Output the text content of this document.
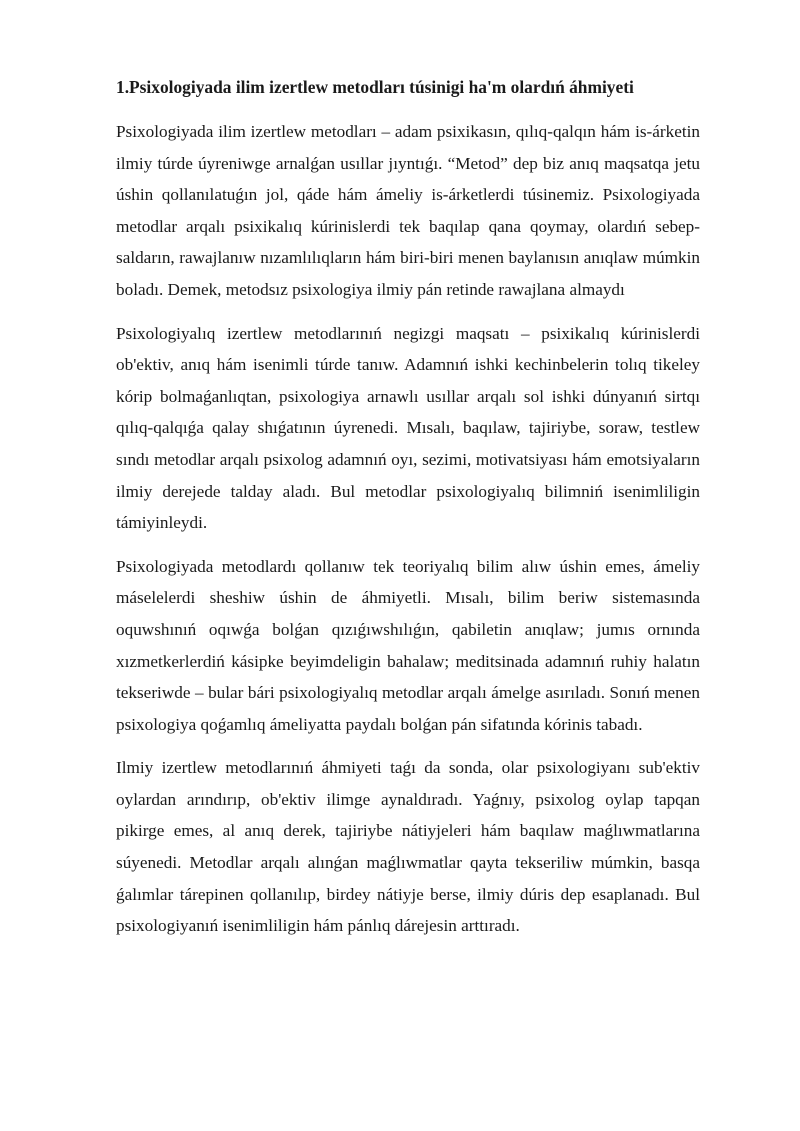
1.Psixologiyada ilim izertlew metodları túsinigi ha'm olardıń áhmiyeti

Psixologiyada ilim izertlew metodları – adam psixikasın, qılıq-qalqın hám is-árketin ilmiy túrde úyreniwge arnalǵan usıllar jıyntıǵı. “Metod” dep biz anıq maqsatqa jetu úshin qollanılatuǵın jol, qáde hám ámeliy is-árketlerdi túsinemiz. Psixologiyada metodlar arqalı psixikalıq kúrinislerdi tek baqılap qana qoymay, olardıń sebep-saldarın, rawajlanıw nızamlılıqların hám biri-biri menen baylanısın anıqlaw múmkin boladı. Demek, metodsız psixologiya ilmiy pán retinde rawajlana almaydı

Psixologiyalıq izertlew metodlarınıń negizgi maqsatı – psixikalıq kúrinislerdi ob'ektiv, anıq hám isenimli túrde tanıw. Adamnıń ishki kechinbelerin tolıq tikeley kórip bolmaǵanlıqtan, psixologiya arnawlı usıllar arqalı sol ishki dúnyanıń sirtqı qılıq-qalqıǵa qalay shıǵatının úyrenedi. Mısalı, baqılaw, tajiriybe, soraw, testlew sındı metodlar arqalı psixolog adamnıń oyı, sezimi, motivatsiyası hám emotsiyaların ilmiy derejede talday aladı. Bul metodlar psixologiyalıq bilimniń isenimliligin támiyinleydi.

Psixologiyada metodlardı qollanıw tek teoriyalıq bilim alıw úshin emes, ámeliy máselelerdi sheshiw úshin de áhmiyetli. Mısalı, bilim beriw sistemasında oquwshınıń oqıwǵa bolǵan qızıǵıwshılıǵın, qabiletin anıqlaw; jumıs ornında xızmetkerlerdiń kásipke beyimdeligin bahalaw; meditsinada adamnıń ruhiy halatın tekseriwde – bular bári psixologiyalıq metodlar arqalı ámelge asırıladı. Sonıń menen psixologiya qoǵamlıq ámeliyatta paydalı bolǵan pán sifatında kórinis tabadı.

Ilmiy izertlew metodlarınıń áhmiyeti taǵı da sonda, olar psixologiyanı sub'ektiv oylardan arındırıp, ob'ektiv ilimge aynaldıradı. Yaǵnıy, psixolog oylap tapqan pikirge emes, al anıq derek, tajiriybe nátiyjeleri hám baqılaw maǵlıwmatlarına súyenedi. Metodlar arqalı alınǵan maǵlıwmatlar qayta tekseriliw múmkin, basqa ǵalımlar tárepinen qollanılıp, birdey nátiyje berse, ilmiy dúris dep esaplanadı. Bul psixologiyanıń isenimliligin hám pánlıq dárejesin arttıradı.
